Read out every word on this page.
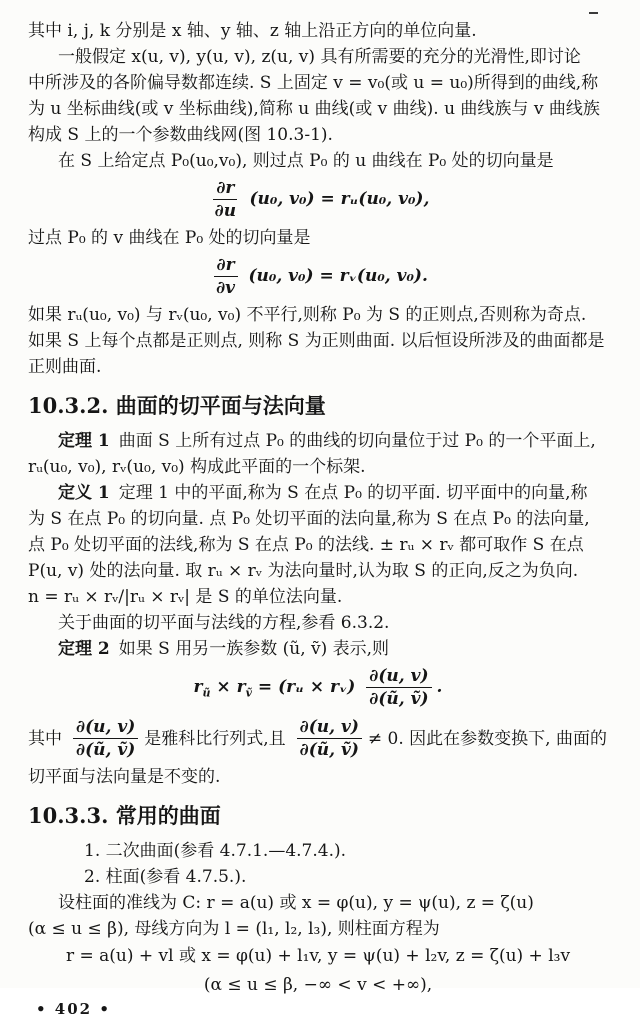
其中 i, j, k 分别是 x 轴、y 轴、z 轴上沿正方向的单位向量.

一般假定 x(u, v), y(u, v), z(u, v) 具有所需要的充分的光滑性,即讨论

中所涉及的各阶偏导数都连续. S 上固定 v = v₀(或 u = u₀)所得到的曲线,称

为 u 坐标曲线(或 v 坐标曲线),简称 u 曲线(或 v 曲线). u 曲线族与 v 曲线族

构成 S 上的一个参数曲线网(图 10.3-1).

在 S 上给定点 P₀(u₀,v₀), 则过点 P₀ 的 u 曲线在 P₀ 处的切向量是

$\frac{\partial r}{\partial u} (u_0$, v₀) = rᵤ(u₀, v₀),

过点 P₀ 的 v 曲线在 P₀ 处的切向量是

$\frac{\partial r}{\partial v} (u_0$, v₀) = rᵥ(u₀, v₀).

如果 rᵤ(u₀, v₀) 与 rᵥ(u₀, v₀) 不平行,则称 P₀ 为 S 的正则点,否则称为奇点.

如果 S 上每个点都是正则点, 则称 S 为正则曲面. 以后恒设所涉及的曲面都是

正则曲面.

10.3.2. 曲面的切平面与法向量

定理 1 曲面 S 上所有过点 P₀ 的曲线的切向量位于过 P₀ 的一个平面上,

rᵤ(u₀, v₀), rᵥ(u₀, v₀) 构成此平面的一个标架.

定义 1 定理 1 中的平面,称为 S 在点 P₀ 的切平面. 切平面中的向量,称

为 S 在点 P₀ 的切向量. 点 P₀ 处切平面的法向量,称为 S 在点 P₀ 的法向量,

点 P₀ 处切平面的法线,称为 S 在点 P₀ 的法线. ± rᵤ × rᵥ 都可取作 S 在点

P(u, v) 处的法向量. 取 rᵤ × rᵥ 为法向量时,认为取 S 的正向,反之为负向.

n = rᵤ × rᵥ/|rᵤ × rᵥ| 是 S 的单位法向量.

关于曲面的切平面与法线的方程,参看 6.3.2.

定理 2 如果 S 用另一族参数 (ũ, ṽ) 表示,则

$r_ũ \times r_ṽ$ = (rᵤ × rᵥ) $\frac{\partial(u, v)}{\text{∂(ũ, ṽ)}}$ .
其中 $\frac{\partial(u, v)}{\text{∂(ũ, ṽ)}}$ 是雅科比行列式,且 $\frac{\partial(u, v)}{\text{∂(ũ, ṽ)}} \ne 0$. 因此在参数变换下, 曲面的

切平面与法向量是不变的.

10.3.3. 常用的曲面

1. 二次曲面(参看 4.7.1.—4.7.4.).

2. 柱面(参看 4.7.5.).

设柱面的准线为 C: r = a(u) 或 x = φ(u), y = ψ(u), z = ζ(u)

(α ≤ u ≤ β), 母线方向为 l = (l₁, l₂, l₃), 则柱面方程为

r = a(u) + vl 或 x = φ(u) + l₁v, y = ψ(u) + l₂v, z = ζ(u) + l₃v
(α ≤ u ≤ β, −∞ < v < +∞),
• 402 •
